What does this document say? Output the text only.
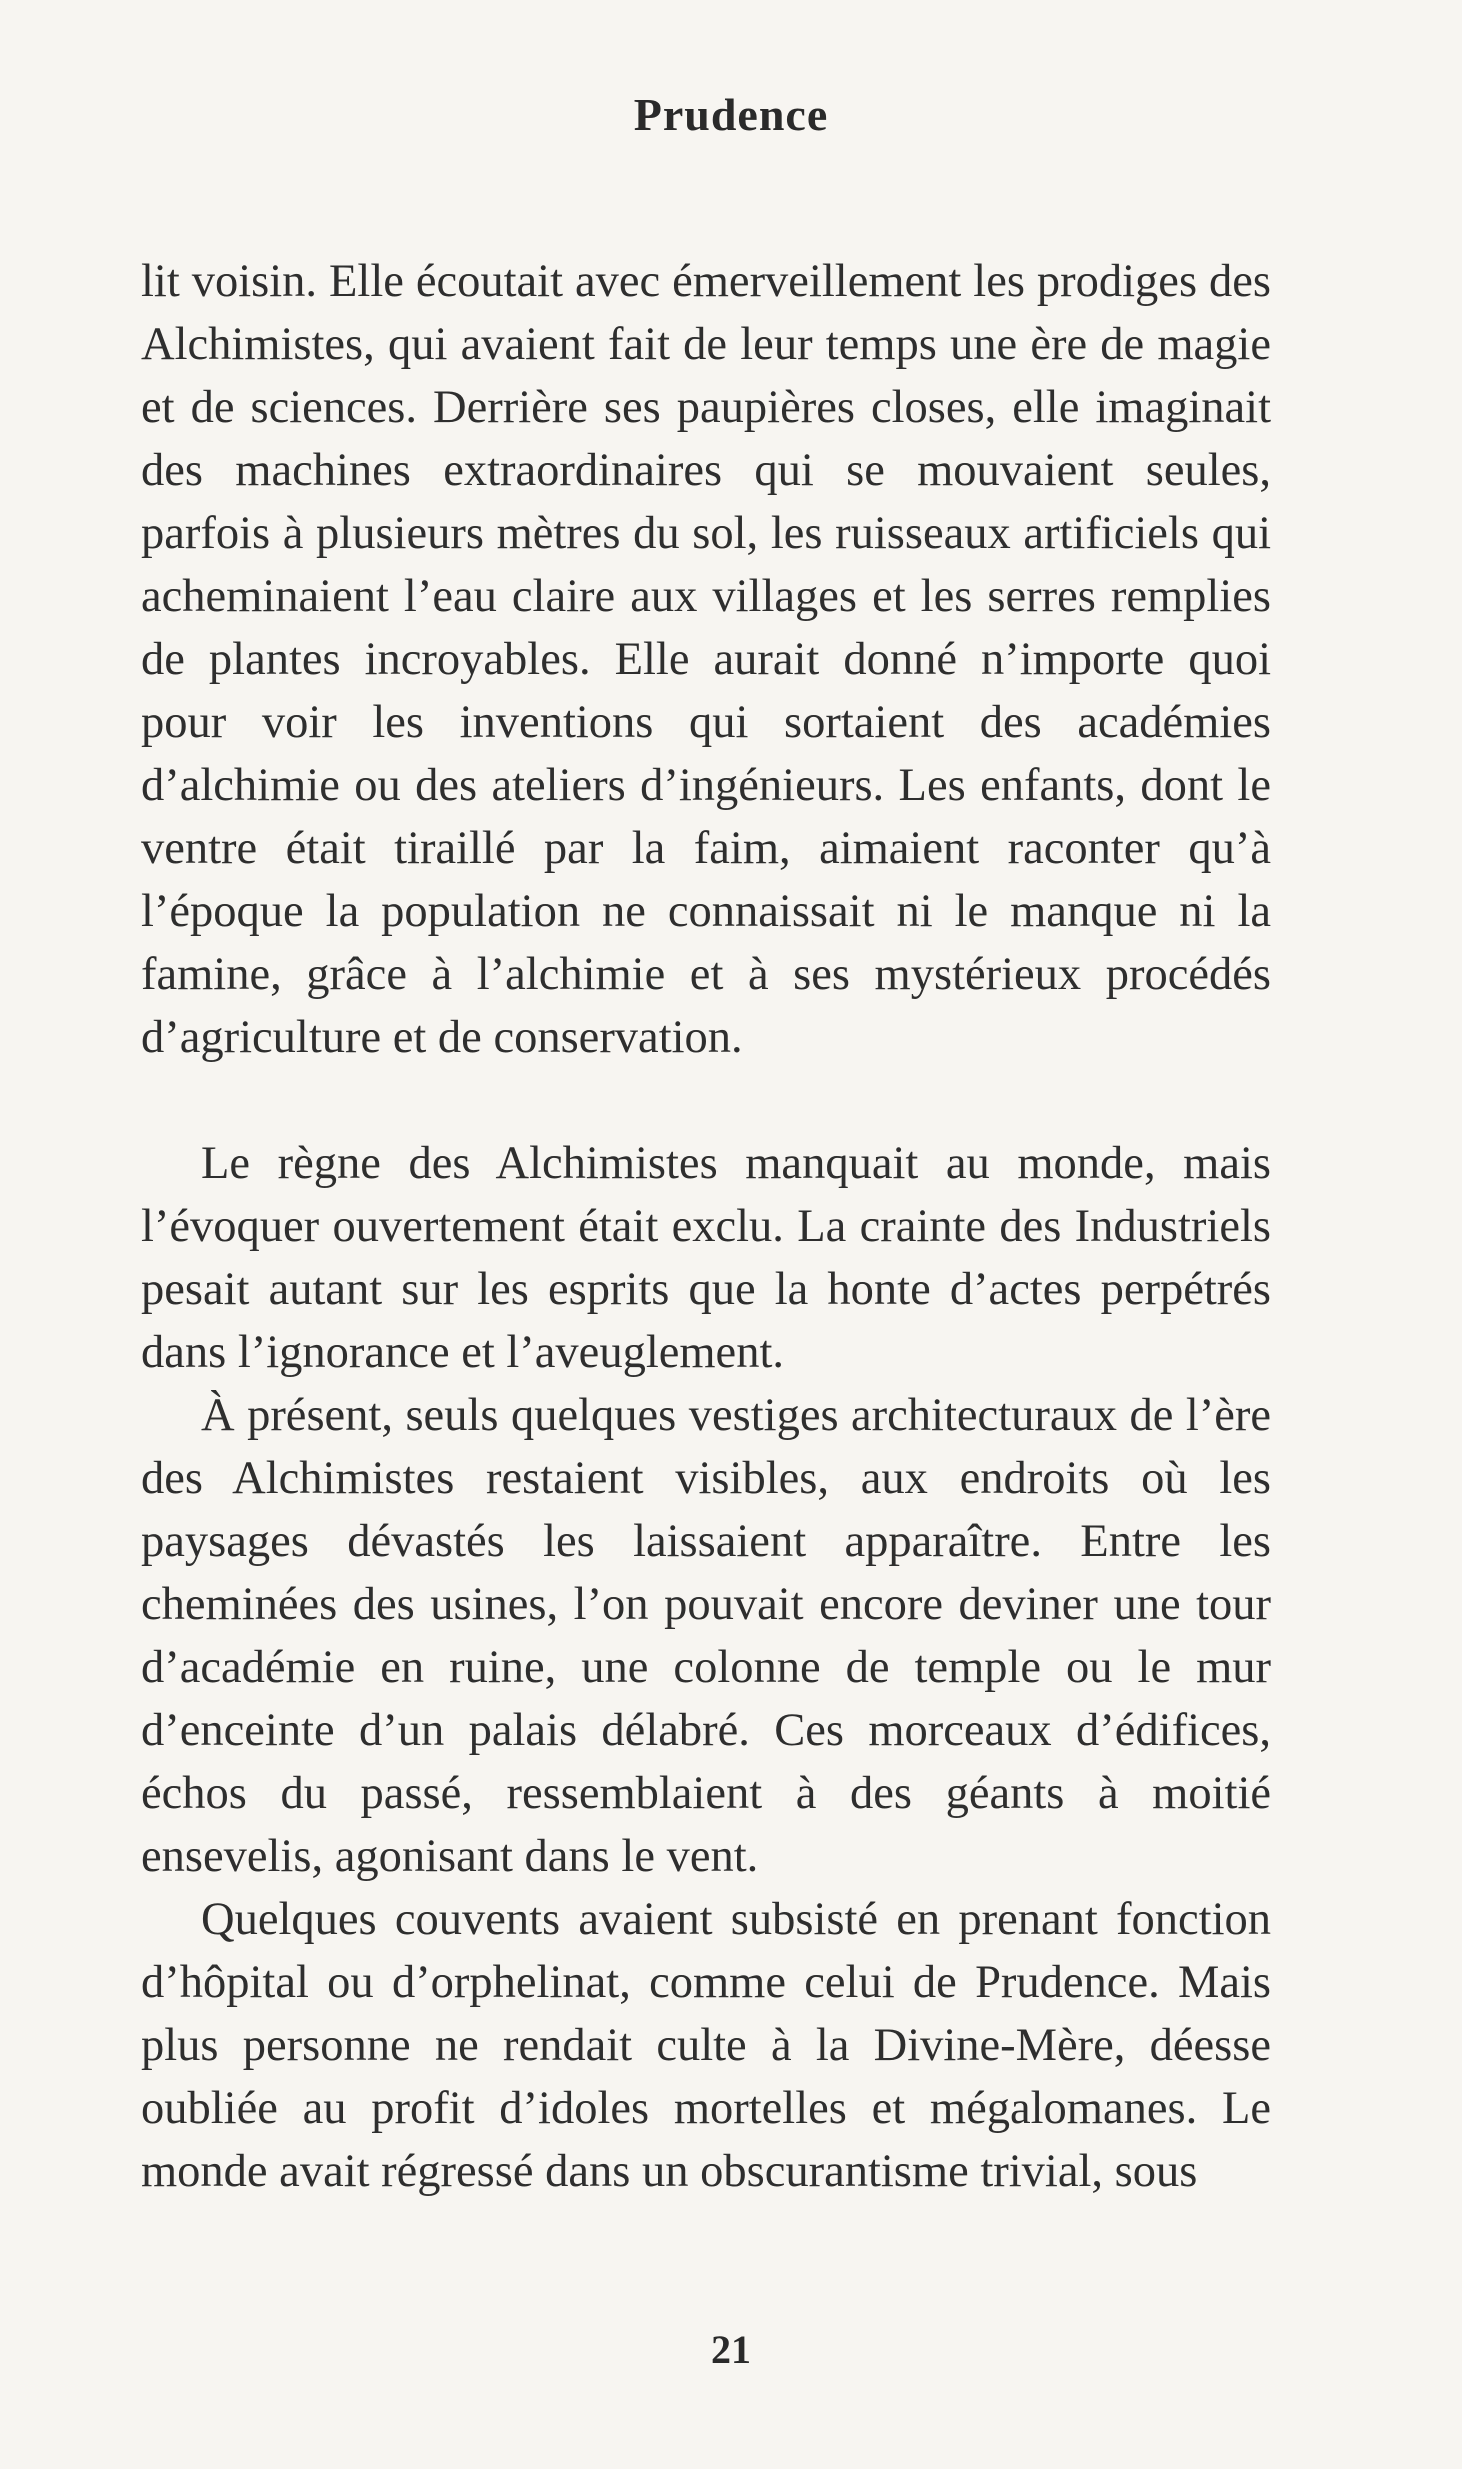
Prudence

lit voisin. Elle écoutait avec émerveillement les prodiges des Alchimistes, qui avaient fait de leur temps une ère de magie et de sciences. Derrière ses paupières closes, elle imaginait des machines extraordinaires qui se mouvaient seules, parfois à plusieurs mètres du sol, les ruisseaux artificiels qui acheminaient l’eau claire aux villages et les serres remplies de plantes incroyables. Elle aurait donné n’importe quoi pour voir les inventions qui sortaient des académies d’alchimie ou des ateliers d’ingénieurs. Les enfants, dont le ventre était tiraillé par la faim, aimaient raconter qu’à l’époque la population ne connaissait ni le manque ni la famine, grâce à l’alchimie et à ses mystérieux procédés d’agriculture et de conservation.

Le règne des Alchimistes manquait au monde, mais l’évoquer ouvertement était exclu. La crainte des Industriels pesait autant sur les esprits que la honte d’actes perpétrés dans l’ignorance et l’aveuglement.

À présent, seuls quelques vestiges architecturaux de l’ère des Alchimistes restaient visibles, aux endroits où les paysages dévastés les laissaient apparaître. Entre les cheminées des usines, l’on pouvait encore deviner une tour d’académie en ruine, une colonne de temple ou le mur d’enceinte d’un palais délabré. Ces morceaux d’édifices, échos du passé, ressemblaient à des géants à moitié ensevelis, agonisant dans le vent.

Quelques couvents avaient subsisté en prenant fonction d’hôpital ou d’orphelinat, comme celui de Prudence. Mais plus personne ne rendait culte à la Divine-Mère, déesse oubliée au profit d’idoles mortelles et mégalomanes. Le monde avait régressé dans un obscurantisme trivial, sous

21
